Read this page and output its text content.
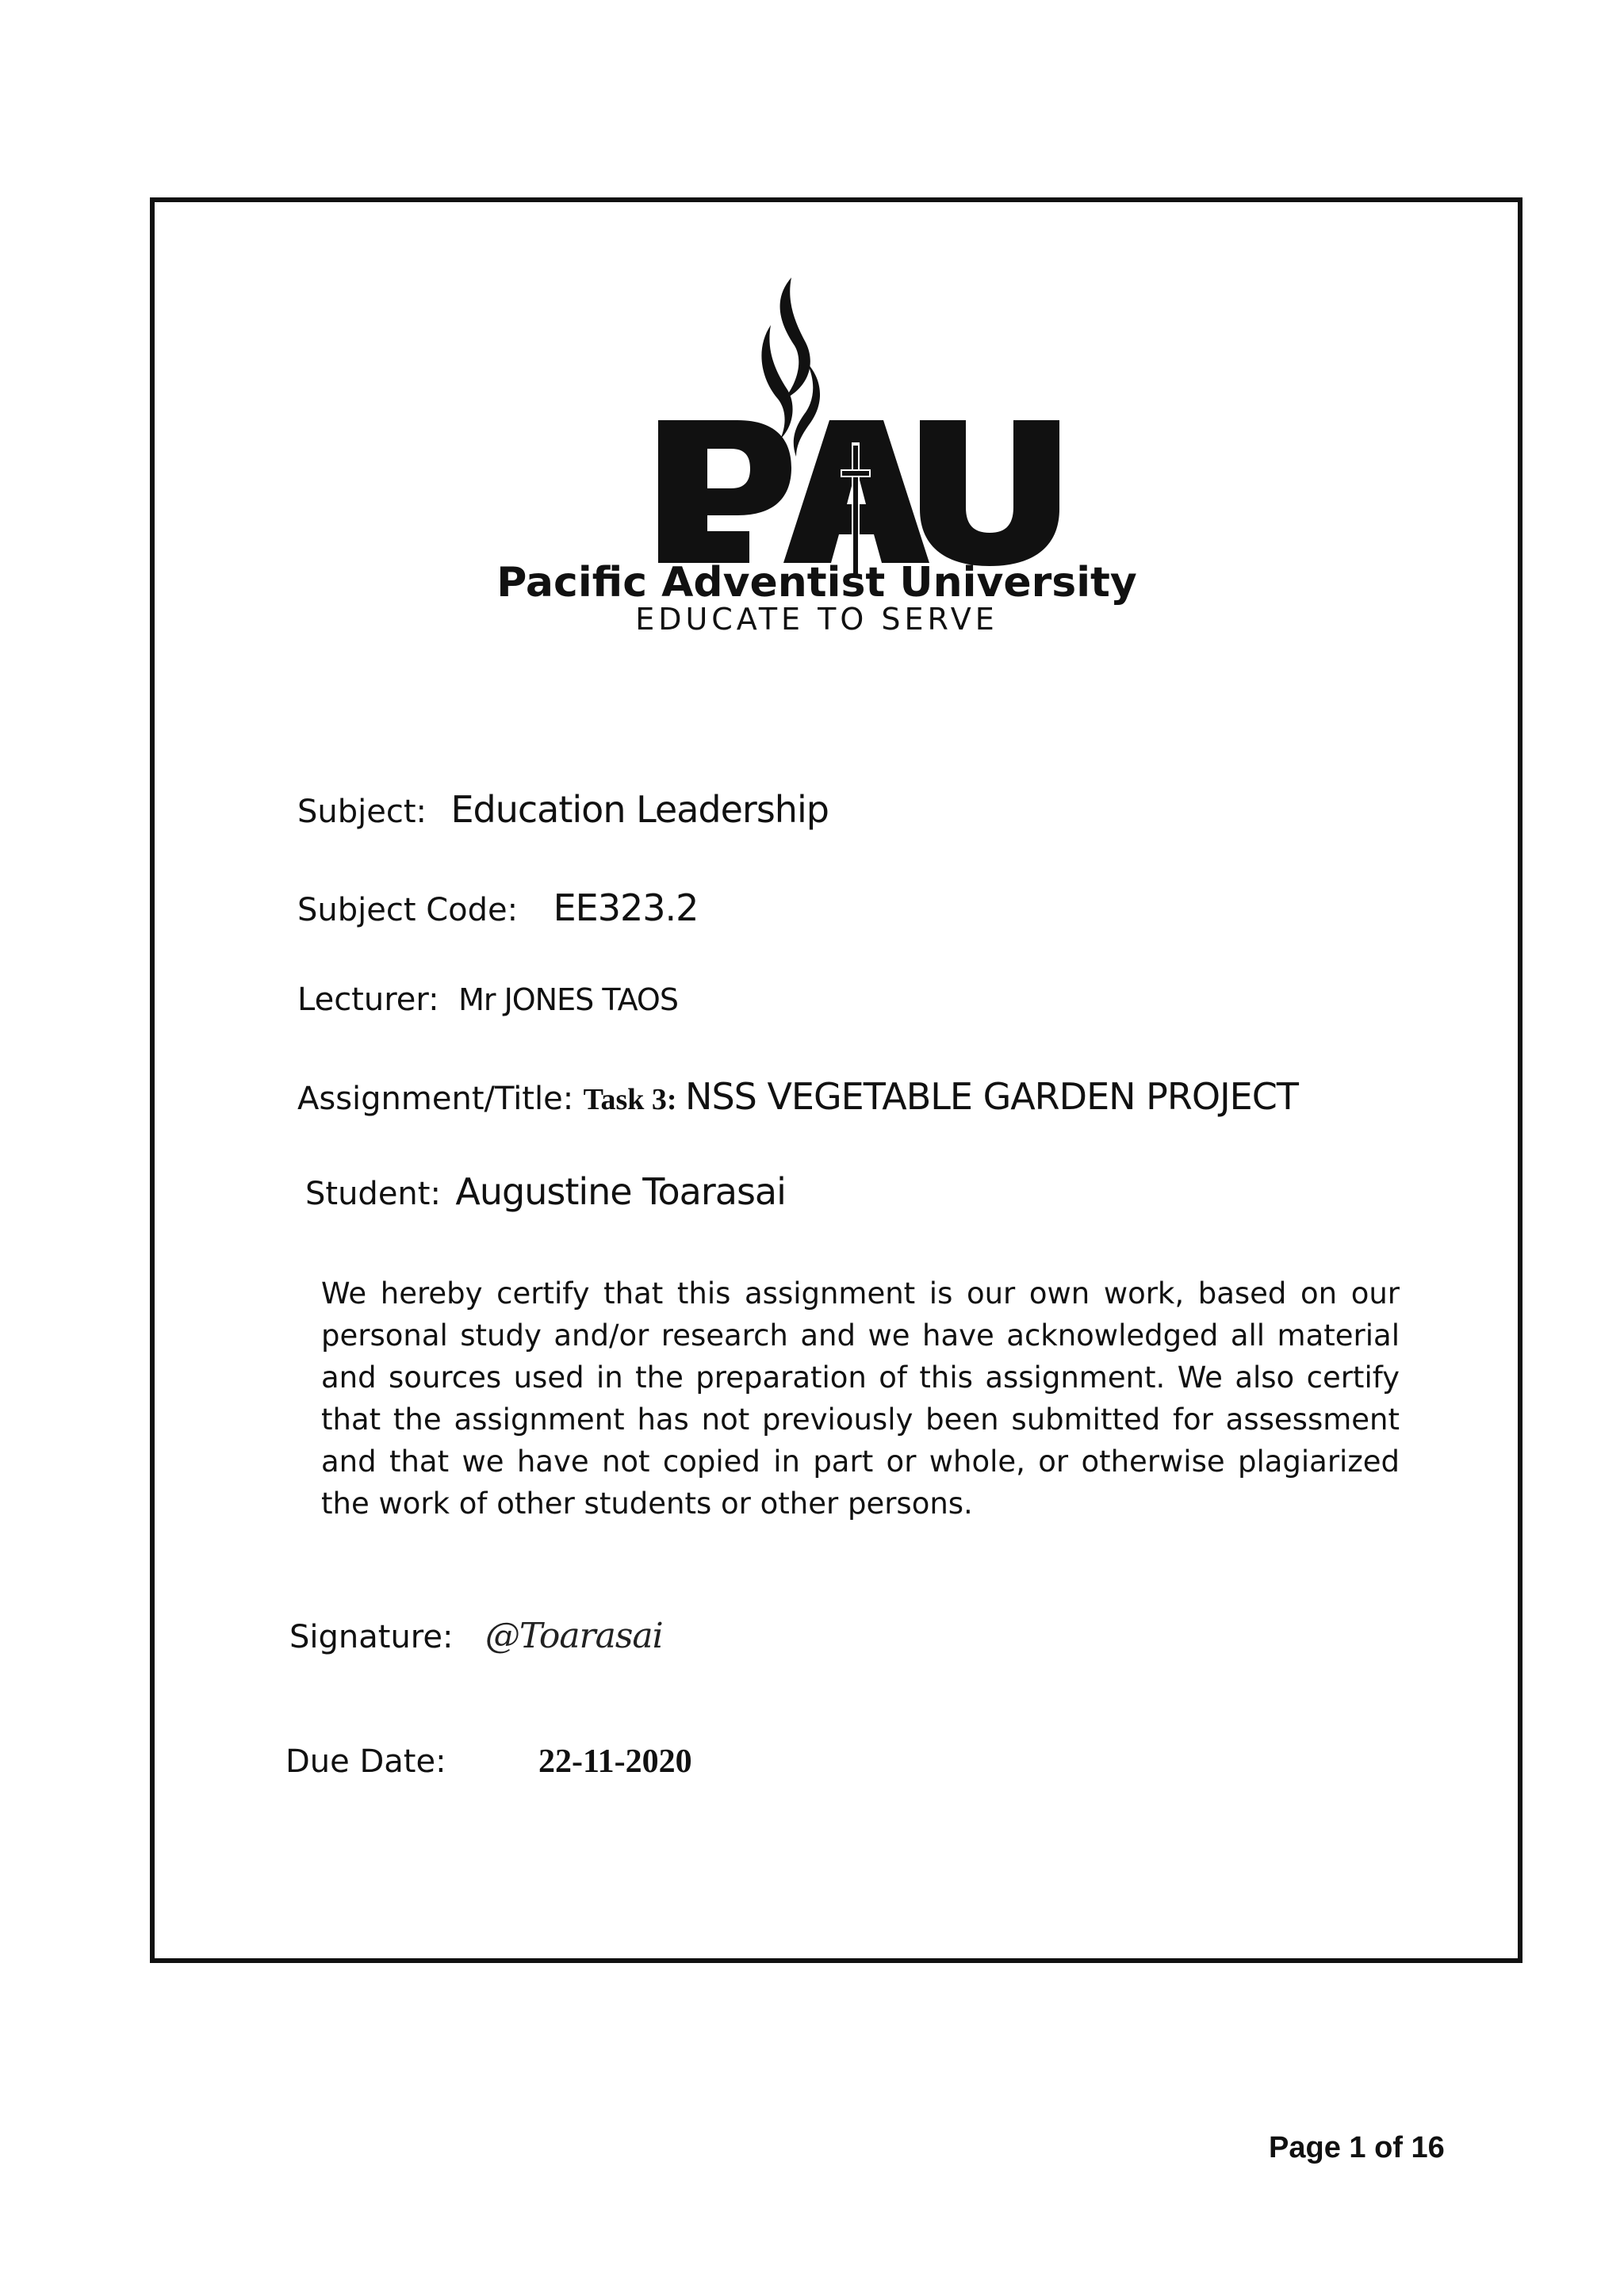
Pacific Adventist University
EDUCATE TO SERVE
Subject: Education Leadership
Subject Code: EE323.2
Lecturer: Mr JONES TAOS
Assignment/Title: Task 3: NSS VEGETABLE GARDEN PROJECT
Student: Augustine Toarasai
We hereby certify that this assignment is our own work, based on our personal study and/or research and we have acknowledged all material and sources used in the preparation of this assignment. We also certify that the assignment has not previously been submitted for assessment and that we have not copied in part or whole, or otherwise plagiarized the work of other students or other persons.
Signature: @Toarasai
Due Date:	22-11-2020
Page 1 of 16
